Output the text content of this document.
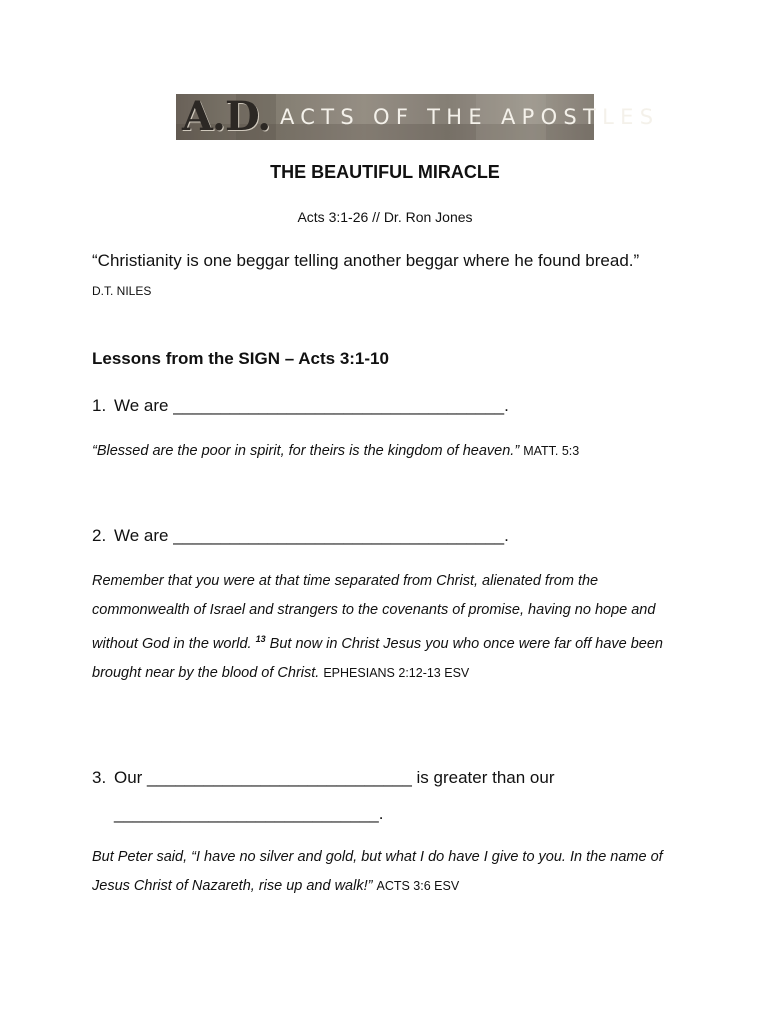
A.D. ACTS OF THE APOSTLES
THE BEAUTIFUL MIRACLE
Acts 3:1-26 // Dr. Ron Jones
“Christianity is one beggar telling another beggar where he found bread.”
D.T. NILES
Lessons from the SIGN – Acts 3:1-10
1. We are ___________________________________.
“Blessed are the poor in spirit, for theirs is the kingdom of heaven.” MATT. 5:3
2. We are ___________________________________.
Remember that you were at that time separated from Christ, alienated from the commonwealth of Israel and strangers to the covenants of promise, having no hope and without God in the world. $^{13}$ But now in Christ Jesus you who once were far off have been brought near by the blood of Christ. EPHESIANS 2:12-13 ESV
3. Our ____________________________ is greater than our
____________________________.
But Peter said, “I have no silver and gold, but what I do have I give to you. In the name of Jesus Christ of Nazareth, rise up and walk!” ACTS 3:6 ESV
